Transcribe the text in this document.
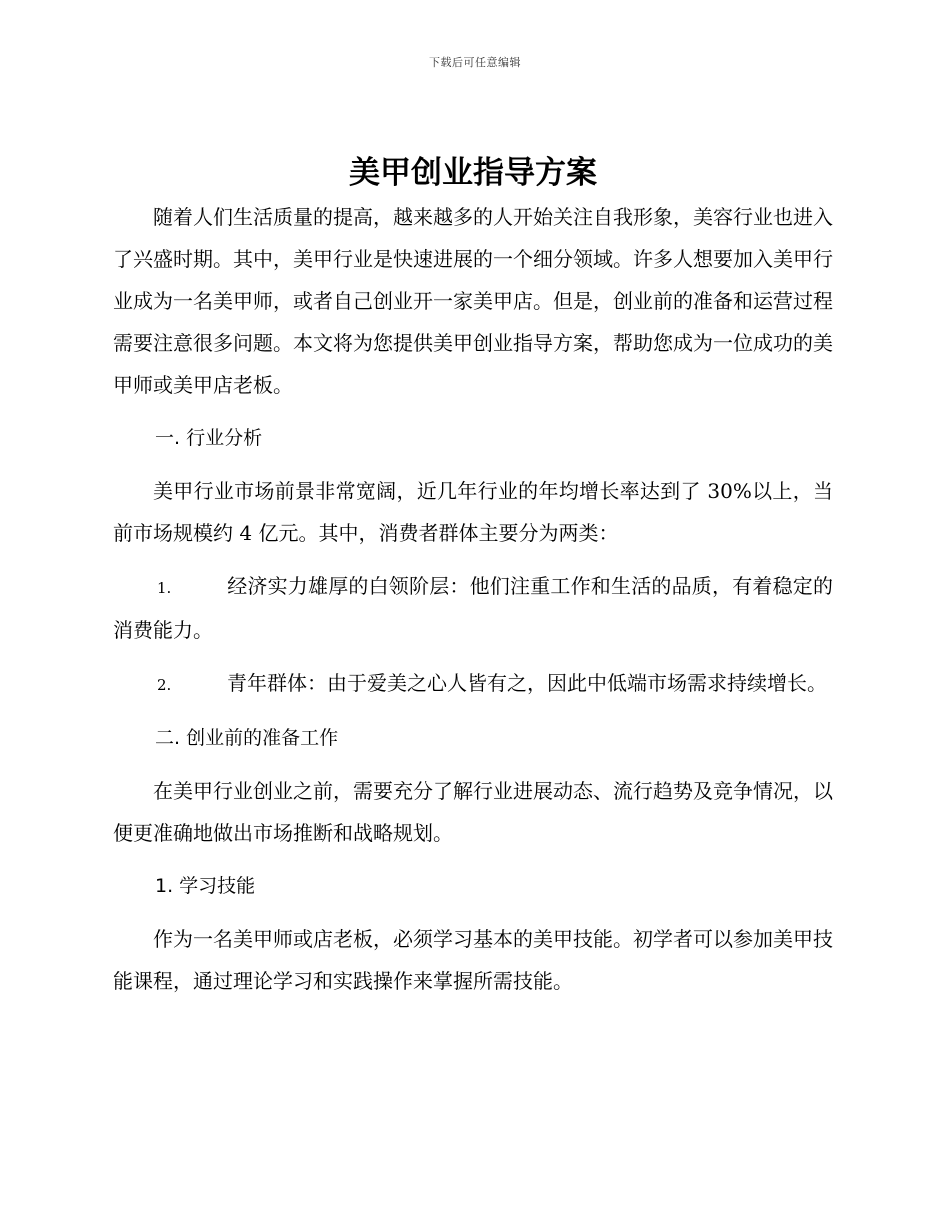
下载后可任意编辑
美甲创业指导方案

随着人们生活质量的提高，越来越多的人开始关注自我形象，美容行业也进入了兴盛时期。其中，美甲行业是快速进展的一个细分领域。许多人想要加入美甲行业成为一名美甲师，或者自己创业开一家美甲店。但是，创业前的准备和运营过程需要注意很多问题。本文将为您提供美甲创业指导方案，帮助您成为一位成功的美甲师或美甲店老板。

一. 行业分析

美甲行业市场前景非常宽阔，近几年行业的年均增长率达到了 30%以上，当前市场规模约 4 亿元。其中，消费者群体主要分为两类：

1.	经济实力雄厚的白领阶层：他们注重工作和生活的品质，有着稳定的消费能力。

2.	青年群体：由于爱美之心人皆有之，因此中低端市场需求持续增长。

二. 创业前的准备工作

在美甲行业创业之前，需要充分了解行业进展动态、流行趋势及竞争情况，以便更准确地做出市场推断和战略规划。

1. 学习技能

作为一名美甲师或店老板，必须学习基本的美甲技能。初学者可以参加美甲技能课程，通过理论学习和实践操作来掌握所需技能。
